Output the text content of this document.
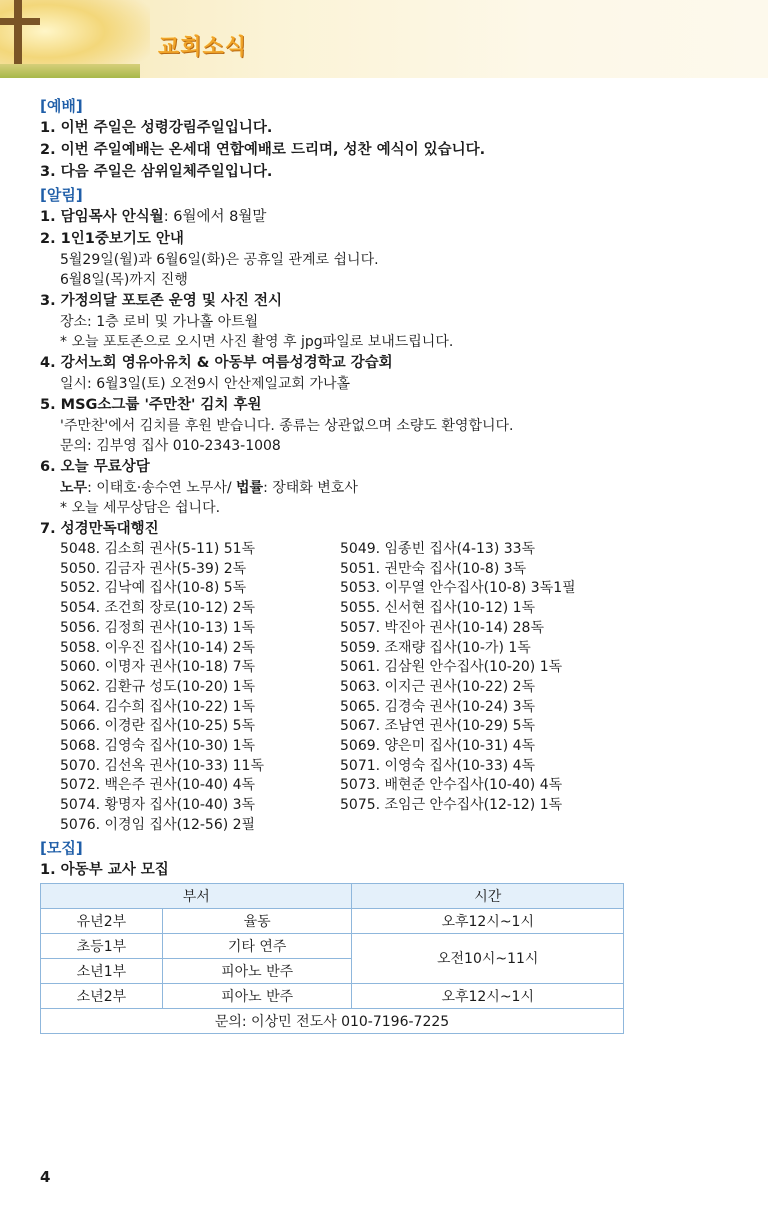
교회소식
[예배]
1. 이번 주일은 성령강림주일입니다.
2. 이번 주일예배는 온세대 연합예배로 드리며, 성찬 예식이 있습니다.
3. 다음 주일은 삼위일체주일입니다.
[알림]
1. 담임목사 안식월: 6월에서 8월말
2. 1인1중보기도 안내
5월29일(월)과 6월6일(화)은 공휴일 관계로 쉽니다.
6월8일(목)까지 진행
3. 가정의달 포토존 운영 및 사진 전시
장소: 1층 로비 및 가나홀 아트월
* 오늘 포토존으로 오시면 사진 촬영 후 jpg파일로 보내드립니다.
4. 강서노회 영유아유치 & 아동부 여름성경학교 강습회
일시: 6월3일(토) 오전9시 안산제일교회 가나홀
5. MSG소그룹 '주만찬' 김치 후원
'주만찬'에서 김치를 후원 받습니다. 종류는 상관없으며 소량도 환영합니다.
문의: 김부영 집사 010-2343-1008
6. 오늘 무료상담
노무: 이태호·송수연 노무사/ 법률: 장태화 변호사
* 오늘 세무상담은 쉽니다.
7. 성경만독대행진
5048. 김소희 권사(5-11) 51독	5049. 임종빈 집사(4-13) 33독
5050. 김금자 권사(5-39) 2독	5051. 권만숙 집사(10-8) 3독
5052. 김낙예 집사(10-8) 5독	5053. 이무열 안수집사(10-8) 3독1필
5054. 조건희 장로(10-12) 2독	5055. 신서현 집사(10-12) 1독
5056. 김정희 권사(10-13) 1독	5057. 박진아 권사(10-14) 28독
5058. 이우진 집사(10-14) 2독	5059. 조재량 집사(10-가) 1독
5060. 이명자 권사(10-18) 7독	5061. 김삼원 안수집사(10-20) 1독
5062. 김환규 성도(10-20) 1독	5063. 이지근 권사(10-22) 2독
5064. 김수희 집사(10-22) 1독	5065. 김경숙 권사(10-24) 3독
5066. 이경란 집사(10-25) 5독	5067. 조남연 권사(10-29) 5독
5068. 김영숙 집사(10-30) 1독	5069. 양은미 집사(10-31) 4독
5070. 김선옥 권사(10-33) 11독	5071. 이영숙 집사(10-33) 4독
5072. 백은주 권사(10-40) 4독	5073. 배현준 안수집사(10-40) 4독
5074. 황명자 집사(10-40) 3독	5075. 조임근 안수집사(12-12) 1독
5076. 이경임 집사(12-56) 2필
[모집]
1. 아동부 교사 모집
부서		시간
유년2부	율동	오후12시~1시
초등1부	기타 연주	오전10시~11시
소년1부	피아노 반주	
소년2부	피아노 반주	오후12시~1시
문의: 이상민 전도사 010-7196-7225		
4
